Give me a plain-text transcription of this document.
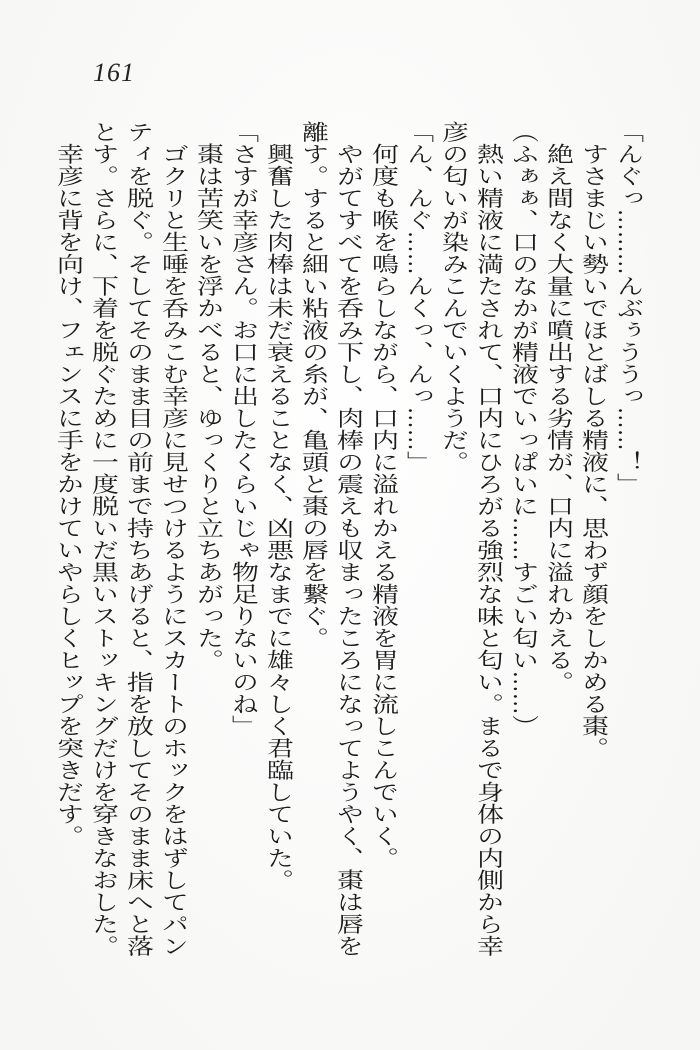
161
「んぐっ………んぶぅううっ……！」
　すさまじい勢いでほとばしる精液に、思わず顔をしかめる棗。
　絶え間なく大量に噴出する劣情が、口内に溢れかえる。
（ふぁぁ、口のなかが精液でいっぱいに……すごい匂い……）
　熱い精液に満たされて、口内にひろがる強烈な味と匂い。まるで身体の内側から幸
彦の匂いが染みこんでいくようだ。
「ん、んぐ……んくっ、んっ……」
　何度も喉を鳴らしながら、口内に溢れかえる精液を胃に流しこんでいく。
　やがてすべてを呑み下し、肉棒の震えも収まったころになってようやく、棗は唇を
離す。すると細い粘液の糸が、亀頭と棗の唇を繋ぐ。
　興奮した肉棒は未だ衰えることなく、凶悪なまでに雄々しく君臨していた。
「さすが幸彦さん。お口に出したくらいじゃ物足りないのね」
　棗は苦笑いを浮かべると、ゆっくりと立ちあがった。
　ゴクリと生唾を呑みこむ幸彦に見せつけるようにスカートのホックをはずしてパン
ティを脱ぐ。そしてそのまま目の前まで持ちあげると、指を放してそのまま床へと落
とす。さらに、下着を脱ぐために一度脱いだ黒いストッキングだけを穿きなおした。
　幸彦に背を向け、フェンスに手をかけていやらしくヒップを突きだす。
